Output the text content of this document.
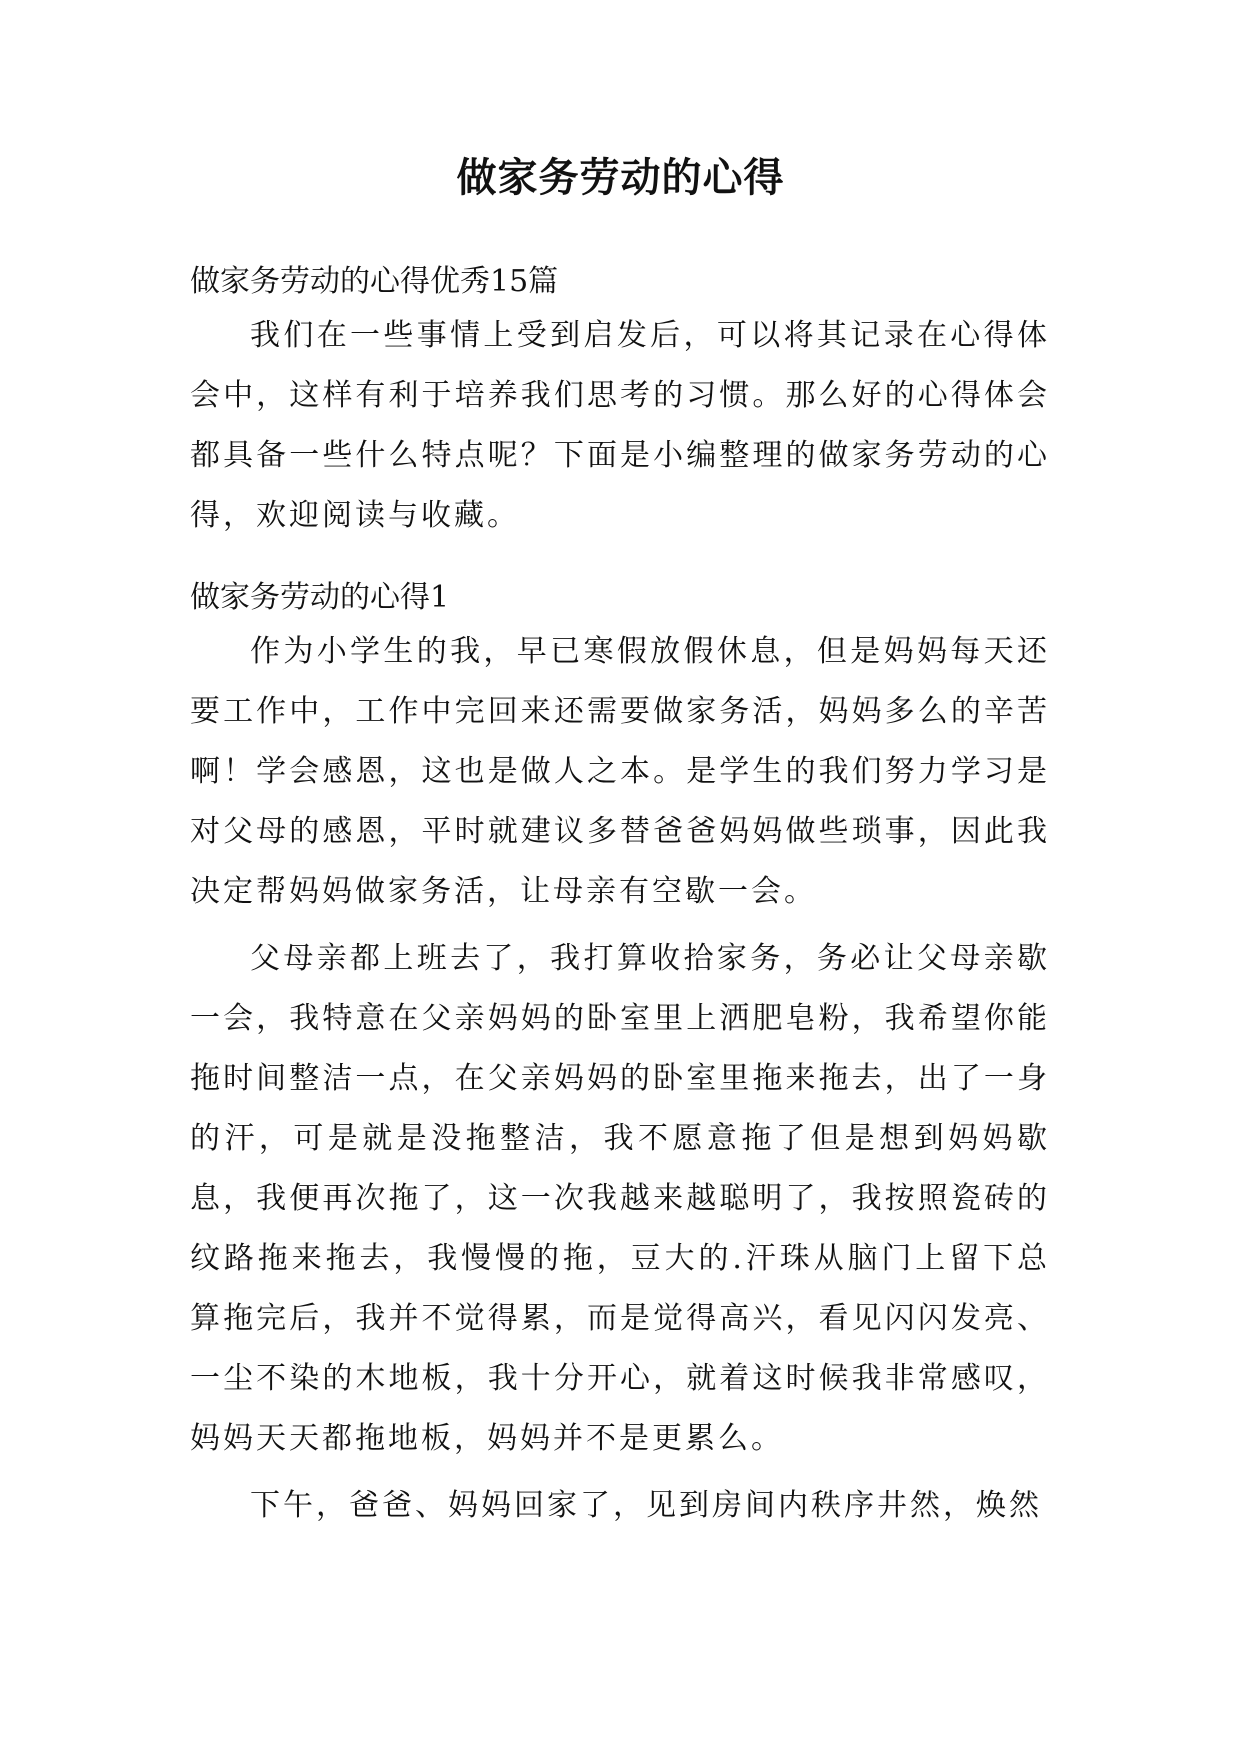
做家务劳动的心得
做家务劳动的心得优秀15篇

我们在一些事情上受到启发后，可以将其记录在心得体会中，这样有利于培养我们思考的习惯。那么好的心得体会都具备一些什么特点呢？下面是小编整理的做家务劳动的心得，欢迎阅读与收藏。

做家务劳动的心得1

作为小学生的我，早已寒假放假休息，但是妈妈每天还要工作中，工作中完回来还需要做家务活，妈妈多么的辛苦啊！学会感恩，这也是做人之本。是学生的我们努力学习是对父母的感恩，平时就建议多替爸爸妈妈做些琐事，因此我决定帮妈妈做家务活，让母亲有空歇一会。

父母亲都上班去了，我打算收拾家务，务必让父母亲歇一会，我特意在父亲妈妈的卧室里上洒肥皂粉，我希望你能拖时间整洁一点，在父亲妈妈的卧室里拖来拖去，出了一身的汗，可是就是没拖整洁，我不愿意拖了但是想到妈妈歇息，我便再次拖了，这一次我越来越聪明了，我按照瓷砖的纹路拖来拖去，我慢慢的拖，豆大的.汗珠从脑门上留下总算拖完后，我并不觉得累，而是觉得高兴，看见闪闪发亮、一尘不染的木地板，我十分开心，就着这时候我非常感叹，妈妈天天都拖地板，妈妈并不是更累么。

下午，爸爸、妈妈回家了，见到房间内秩序井然，焕然
